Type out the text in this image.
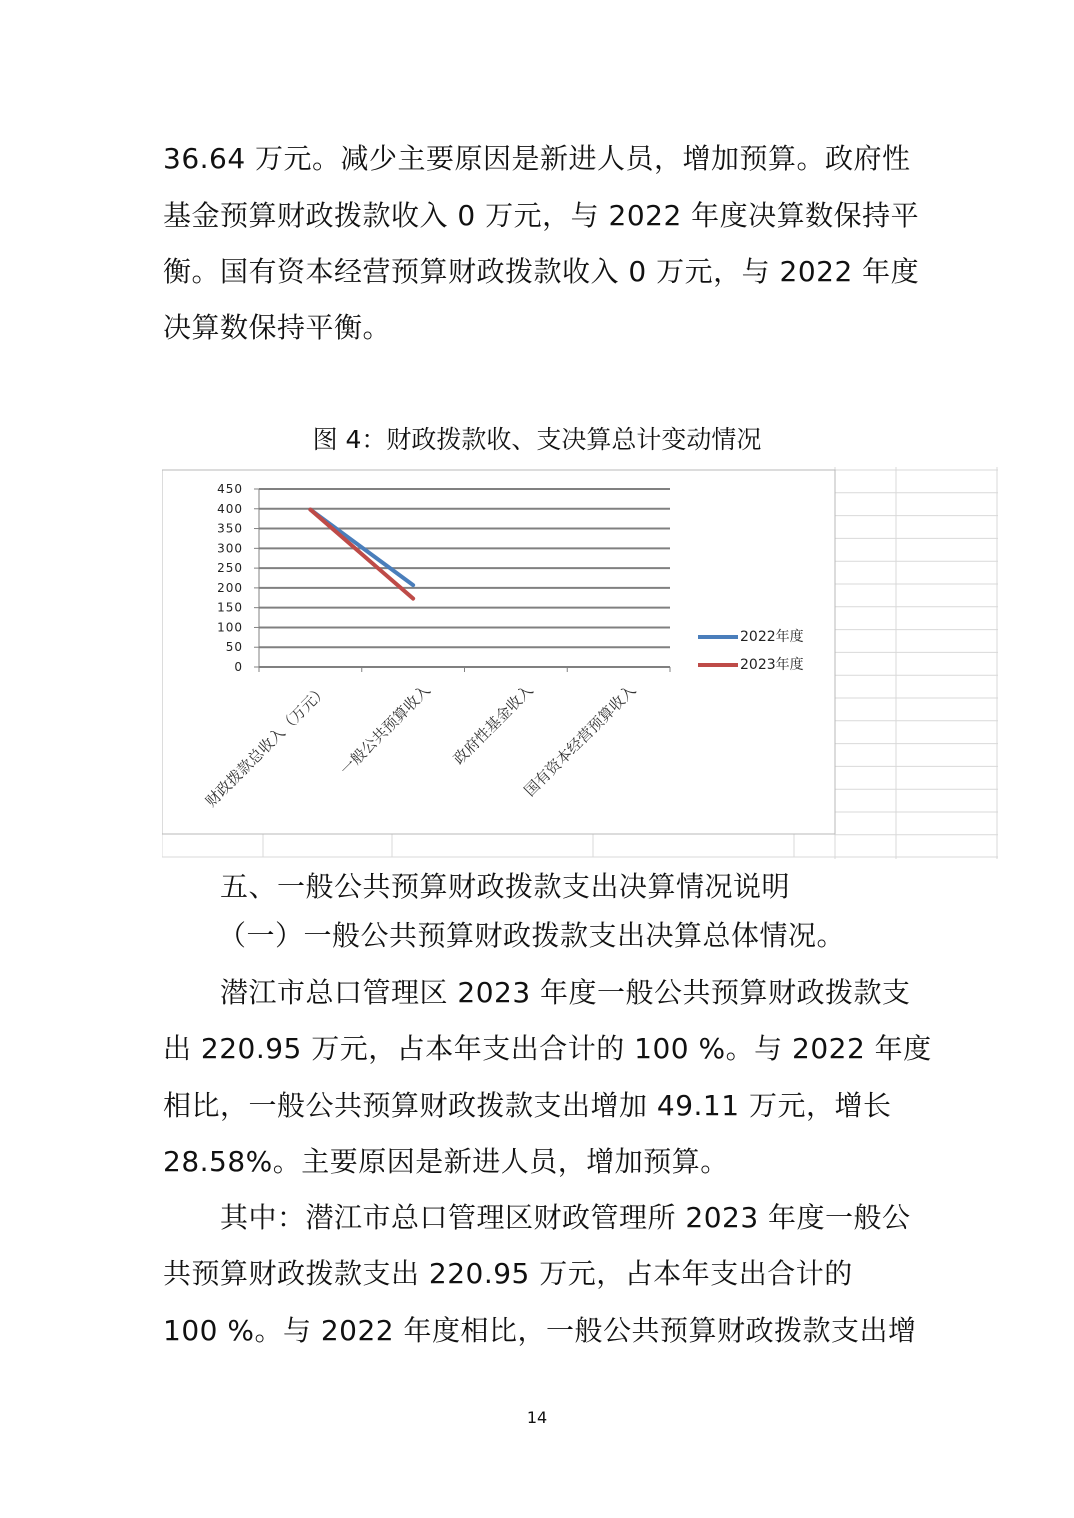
36.64 万元。减少主要原因是新进人员，增加预算。政府性
基金预算财政拨款收入 0 万元，与 2022 年度决算数保持平
衡。国有资本经营预算财政拨款收入 0 万元，与 2022 年度
决算数保持平衡。
图 4：财政拨款收、支决算总计变动情况
450
400
350
300
250
200
150
100
50
0
财政拨款总收入（万元） 一般公共预算收入 政府性基金收入
国有资本经营预算收入
2022年度
2023年度
五、一般公共预算财政拨款支出决算情况说明
（一）一般公共预算财政拨款支出决算总体情况。
潜江市总口管理区 2023 年度一般公共预算财政拨款支
出 220.95 万元，占本年支出合计的 100 %。与 2022 年度
相比，一般公共预算财政拨款支出增加 49.11 万元，增长
28.58%。主要原因是新进人员，增加预算。
其中：潜江市总口管理区财政管理所 2023 年度一般公
共预算财政拨款支出 220.95 万元，占本年支出合计的
100 %。与 2022 年度相比，一般公共预算财政拨款支出增
14
